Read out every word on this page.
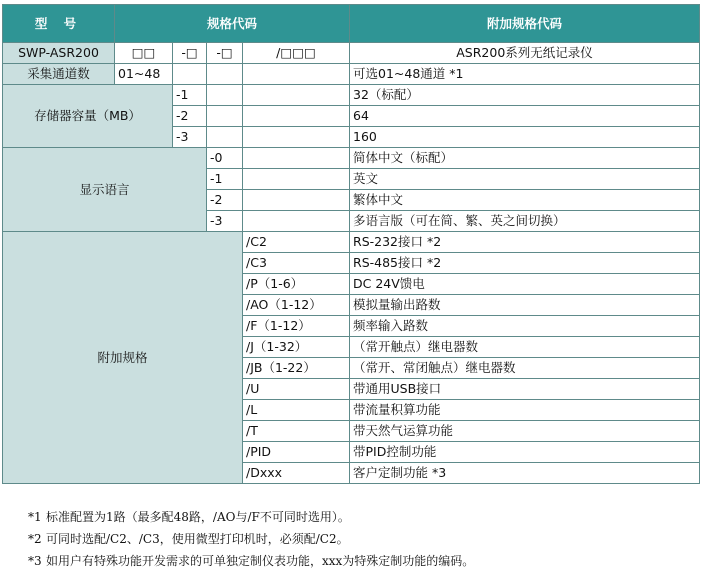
型 号	规格代码				附加规格代码	
SWP-ASR200	□□	-□	-□	/□□□	ASR200系列无纸记录仪	
采集通道数	01~48				可选01~48通道 *1	
存储器容量（MB）		-1			32（标配）	
		-2			64	
		-3			160	
显示语言			-0		简体中文（标配）	
			-1		英文	
			-2		繁体中文	
			-3		多语言版（可在简、繁、英之间切换）	
附加规格				/C2	RS-232接口 *2	
				/C3	RS-485接口 *2	
				/P（1-6）	DC 24V馈电	
				/AO（1-12）	模拟量输出路数	
				/F（1-12）	频率输入路数	
				/J（1-32）	（常开触点）继电器数	
				/JB（1-22）	（常开、常闭触点）继电器数	
				/U	带通用USB接口	
				/L	带流量积算功能	
				/T	带天然气运算功能	
				/PID	带PID控制功能	
				/Dxxx	客户定制功能 *3	
*1 标准配置为1路（最多配48路，/AO与/F不可同时选用）。
*2 可同时选配/C2、/C3，使用微型打印机时，必须配/C2。
*3 如用户有特殊功能开发需求的可单独定制仪表功能，xxx为特殊定制功能的编码。
